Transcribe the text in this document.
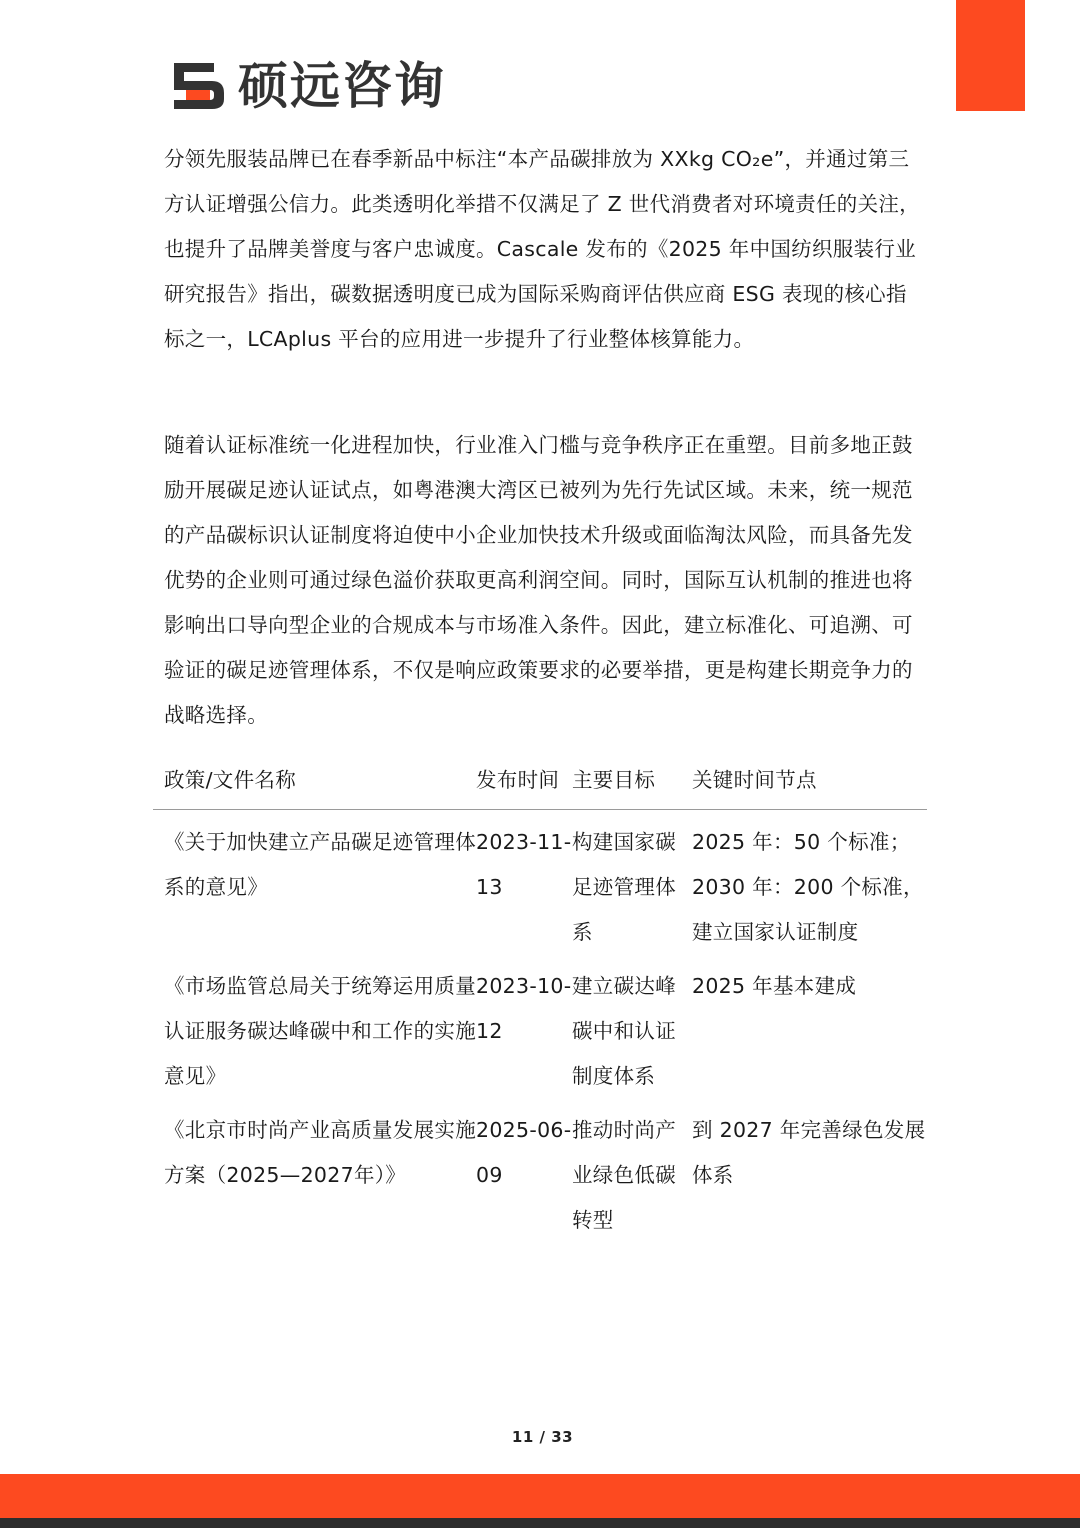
硕远咨询

分领先服装品牌已在春季新品中标注“本产品碳排放为 XXkg CO₂e”，并通过第三方认证增强公信力。此类透明化举措不仅满足了 Z 世代消费者对环境责任的关注，也提升了品牌美誉度与客户忠诚度。Cascale 发布的《2025 年中国纺织服装行业研究报告》指出，碳数据透明度已成为国际采购商评估供应商 ESG 表现的核心指标之一，LCAplus 平台的应用进一步提升了行业整体核算能力。

随着认证标准统一化进程加快，行业准入门槛与竞争秩序正在重塑。目前多地正鼓励开展碳足迹认证试点，如粤港澳大湾区已被列为先行先试区域。未来，统一规范的产品碳标识认证制度将迫使中小企业加快技术升级或面临淘汰风险，而具备先发优势的企业则可通过绿色溢价获取更高利润空间。同时，国际互认机制的推进也将影响出口导向型企业的合规成本与市场准入条件。因此，建立标准化、可追溯、可验证的碳足迹管理体系，不仅是响应政策要求的必要举措，更是构建长期竞争力的战略选择。

政策/文件名称	发布时间	主要目标	关键时间节点
《关于加快建立产品碳足迹管理体系的意见》	2023-11-13	构建国家碳足迹管理体系	2025 年：50 个标准；2030 年：200 个标准，建立国家认证制度
《市场监管总局关于统筹运用质量认证服务碳达峰碳中和工作的实施意见》	2023-10-12	建立碳达峰碳中和认证制度体系	2025 年基本建成
《北京市时尚产业高质量发展实施方案（2025—2027年）》	2025-06-09	推动时尚产业绿色低碳转型	到 2027 年完善绿色发展体系
11 / 33
